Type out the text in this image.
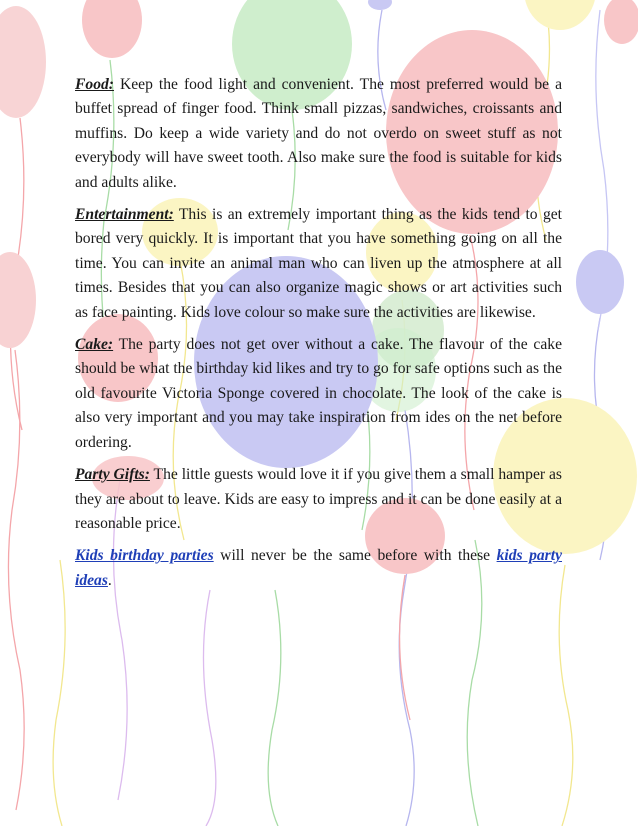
Food: Keep the food light and convenient. The most preferred would be a buffet spread of finger food. Think small pizzas, sandwiches, croissants and muffins. Do keep a wide variety and do not overdo on sweet stuff as not everybody will have sweet tooth. Also make sure the food is suitable for kids and adults alike.

Entertainment: This is an extremely important thing as the kids tend to get bored very quickly. It is important that you have something going on all the time. You can invite an animal man who can liven up the atmosphere at all times. Besides that you can also organize magic shows or art activities such as face painting. Kids love colour so make sure the activities are likewise.

Cake: The party does not get over without a cake. The flavour of the cake should be what the birthday kid likes and try to go for safe options such as the old favourite Victoria Sponge covered in chocolate. The look of the cake is also very important and you may take inspiration from ides on the net before ordering.

Party Gifts: The little guests would love it if you give them a small hamper as they are about to leave. Kids are easy to impress and it can be done easily at a reasonable price.

Kids birthday parties will never be the same before with these kids party ideas.
